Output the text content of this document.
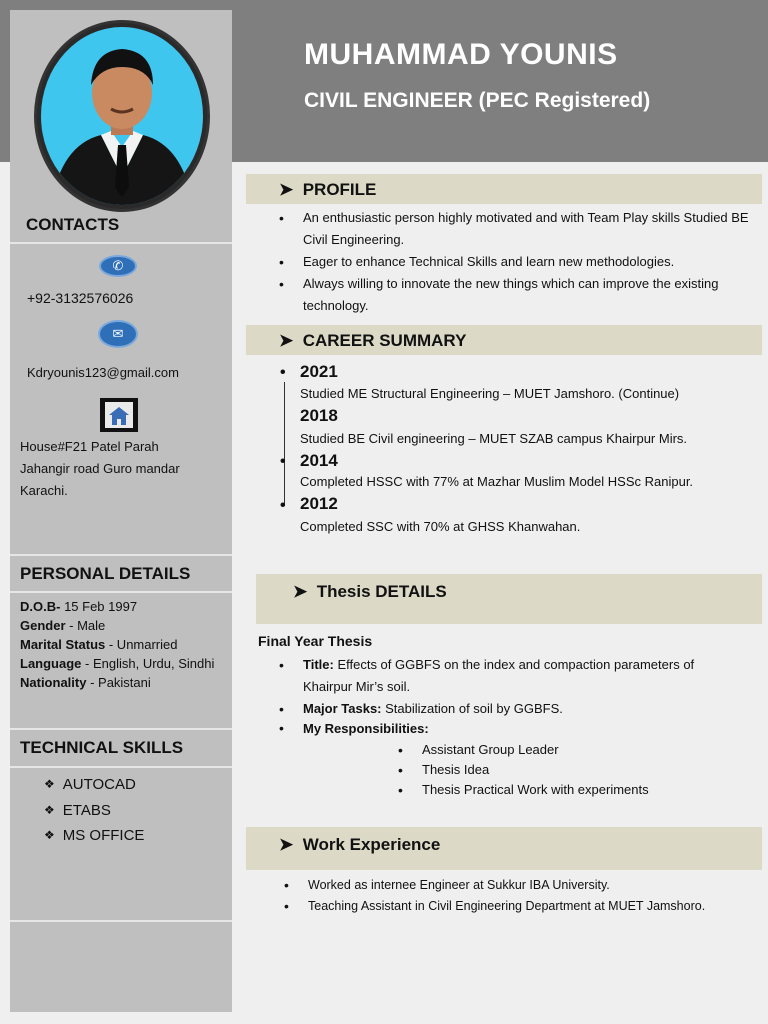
CONTACTS
✆
+92-3132576026
✉
Kdryounis123@gmail.com
House#F21 Patel Parah
Jahangir road Guro mandar
Karachi.
PERSONAL DETAILS
D.O.B- 15 Feb 1997
Gender - Male
Marital Status - Unmarried
Language - English, Urdu, Sindhi
Nationality - Pakistani
TECHNICAL SKILLS
❖ AUTOCAD
❖ ETABS
❖ MS OFFICE
MUHAMMAD YOUNIS
CIVIL ENGINEER (PEC Registered)
➤ PROFILE
• An enthusiastic person highly motivated and with Team Play skills Studied BE Civil Engineering.
• Eager to enhance Technical Skills and learn new methodologies.
• Always willing to innovate the new things which can improve the existing technology.
➤ CAREER SUMMARY
• 2021
Studied ME Structural Engineering – MUET Jamshoro. (Continue)
2018
Studied BE Civil engineering – MUET SZAB campus Khairpur Mirs.
• 2014
Completed HSSC with 77% at Mazhar Muslim Model HSSc Ranipur.
• 2012
Completed SSC with 70% at GHSS Khanwahan.
➤ Thesis DETAILS
Final Year Thesis
• Title: Effects of GGBFS on the index and compaction parameters of Khairpur Mir’s soil.
• Major Tasks: Stabilization of soil by GGBFS.
• My Responsibilities:
• Assistant Group Leader
• Thesis Idea
• Thesis Practical Work with experiments
➤ Work Experience
• Worked as internee Engineer at Sukkur IBA University.
• Teaching Assistant in Civil Engineering Department at MUET Jamshoro.
